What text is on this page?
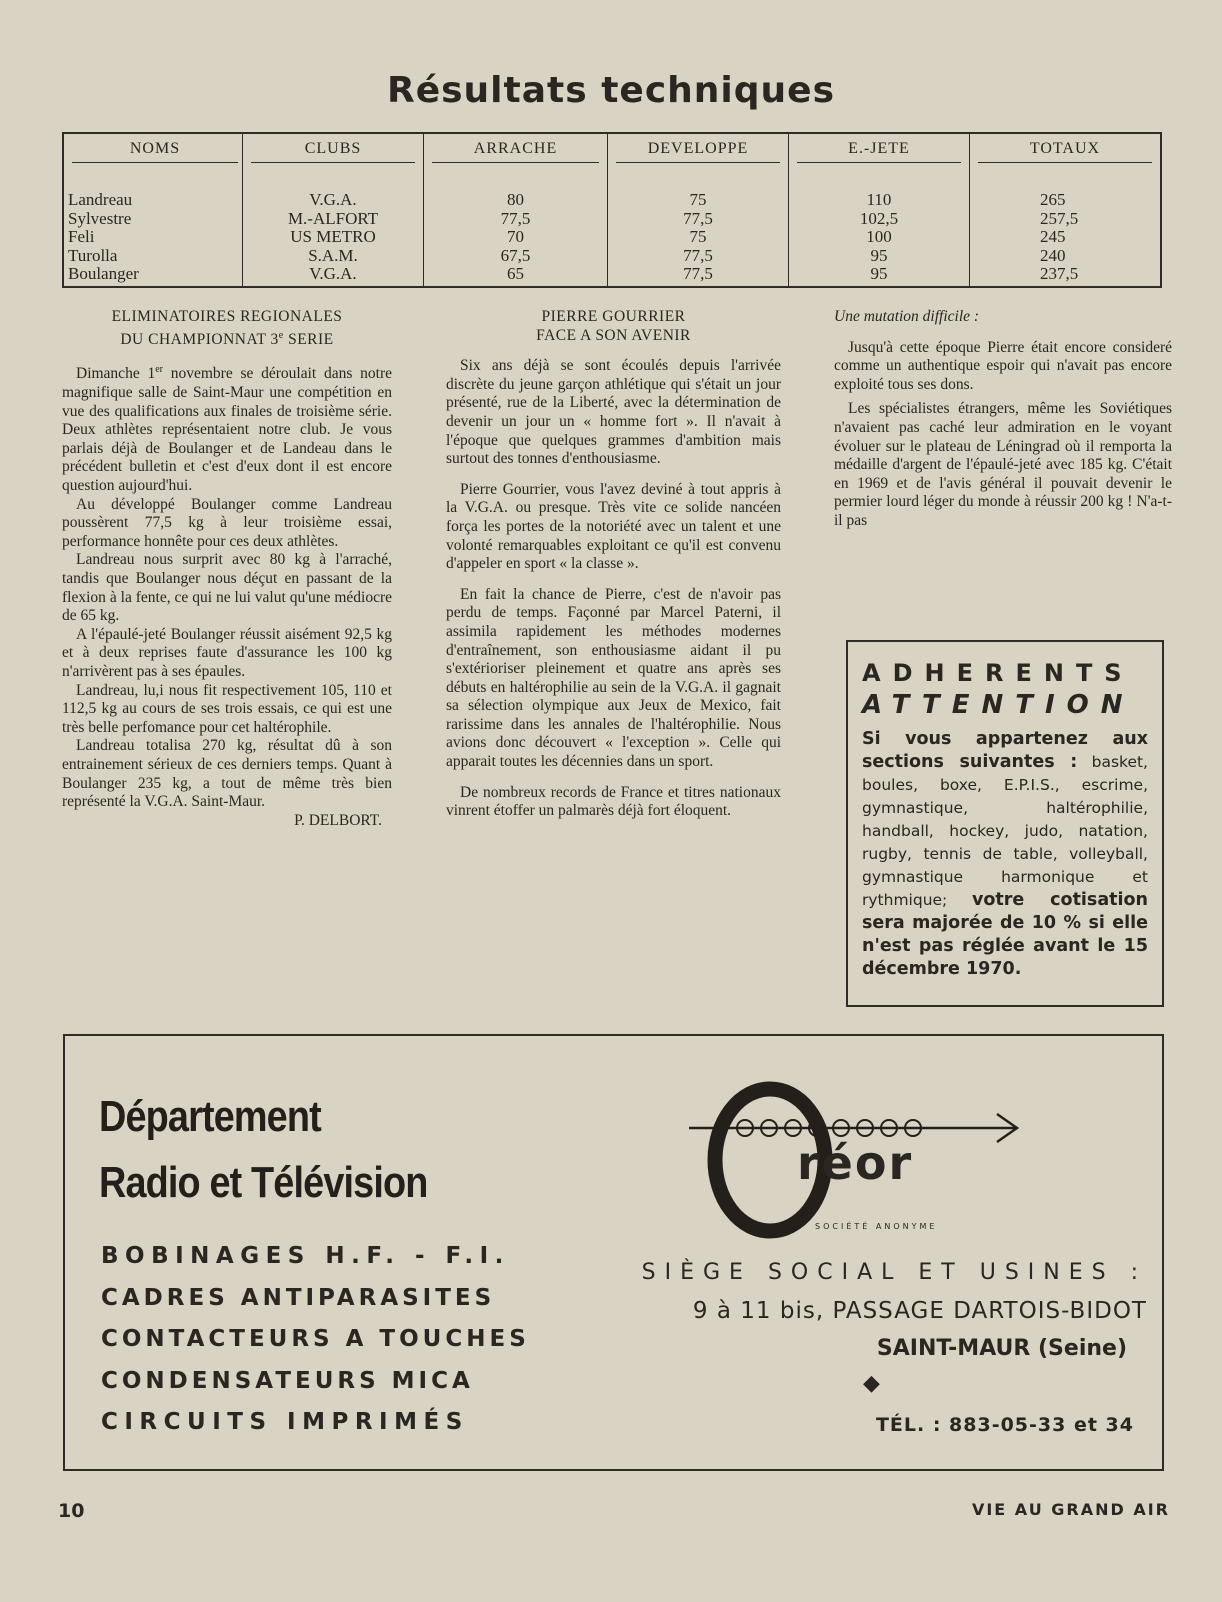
Résultats techniques
NOMS
Landreau
Sylvestre
Feli
Turolla
Boulanger
CLUBS
V.G.A.
M.-ALFORT
US METRO
S.A.M.
V.G.A.
ARRACHE
80
77,5
70
67,5
65
DEVELOPPE
75
77,5
75
77,5
77,5
E.-JETE
110
102,5
100
95
95
TOTAUX
265
257,5
245
240
237,5

ELIMINATOIRES REGIONALES

DU CHAMPIONNAT 3e SERIE

Dimanche 1er novembre se déroulait dans notre magnifique salle de Saint-Maur une compétition en vue des qualifications aux finales de troisième série. Deux athlètes représentaient notre club. Je vous parlais déjà de Boulanger et de Landeau dans le précédent bulletin et c'est d'eux dont il est encore question aujourd'hui.

Au développé Boulanger comme Landreau poussèrent 77,5 kg à leur troisième essai, performance honnête pour ces deux athlètes.

Landreau nous surprit avec 80 kg à l'arraché, tandis que Boulanger nous déçut en passant de la flexion à la fente, ce qui ne lui valut qu'une médiocre de 65 kg.

A l'épaulé-jeté Boulanger réussit aisément 92,5 kg et à deux reprises faute d'assurance les 100 kg n'arrivèrent pas à ses épaules.

Landreau, lu,i nous fit respectivement 105, 110 et 112,5 kg au cours de ses trois essais, ce qui est une très belle perfomance pour cet haltérophile.

Landreau totalisa 270 kg, résultat dû à son entrainement sérieux de ces derniers temps. Quant à Boulanger 235 kg, a tout de même très bien représenté la V.G.A. Saint-Maur.

P. DELBORT.

PIERRE GOURRIER

FACE A SON AVENIR

Six ans déjà se sont écoulés depuis l'arrivée discrète du jeune garçon athlétique qui s'était un jour présenté, rue de la Liberté, avec la détermination de devenir un jour un « homme fort ». Il n'avait à l'époque que quelques grammes d'ambition mais surtout des tonnes d'enthousiasme.

Pierre Gourrier, vous l'avez deviné à tout appris à la V.G.A. ou presque. Très vite ce solide nancéen força les portes de la notoriété avec un talent et une volonté remarquables exploitant ce qu'il est convenu d'appeler en sport « la classe ».

En fait la chance de Pierre, c'est de n'avoir pas perdu de temps. Façonné par Marcel Paterni, il assimila rapidement les méthodes modernes d'entraînement, son enthousiasme aidant il pu s'extérioriser pleinement et quatre ans après ses débuts en haltérophilie au sein de la V.G.A. il gagnait sa sélection olympique aux Jeux de Mexico, fait rarissime dans les annales de l'haltérophilie. Nous avions donc découvert « l'exception ». Celle qui apparait toutes les décennies dans un sport.

De nombreux records de France et titres nationaux vinrent étoffer un palmarès déjà fort éloquent.

Une mutation difficile :

Jusqu'à cette époque Pierre était encore consideré comme un authentique espoir qui n'avait pas encore exploité tous ses dons.

Les spécialistes étrangers, même les Soviétiques n'avaient pas caché leur admiration en le voyant évoluer sur le plateau de Léningrad où il remporta la médaille d'argent de l'épaulé-jeté avec 185 kg. C'était en 1969 et de l'avis général il pouvait devenir le permier lourd léger du monde à réussir 200 kg ! N'a-t-il pas

ADHERENTS
ATTENTION
Si vous appartenez aux sections suivantes : basket, boules, boxe, E.P.I.S., escrime, gymnastique, haltérophilie, handball, hockey, judo, natation, rugby, tennis de table, volleyball, gymnastique harmonique et rythmique; votre cotisation sera majorée de 10 % si elle n'est pas réglée avant le 15 décembre 1970.
Département
Radio et Télévision
BOBINAGES H.F. - F.I.
CADRES ANTIPARASITES
CONTACTEURS A TOUCHES
CONDENSATEURS MICA
CIRCUITS IMPRIMÉS
réor
SOCIÉTÉ ANONYME
SIÈGE SOCIAL ET USINES :
9 à 11 bis, PASSAGE DARTOIS-BIDOT
SAINT-MAUR (Seine)
◆
TÉL. : 883-05-33 et 34
10	VIE AU GRAND AIR
